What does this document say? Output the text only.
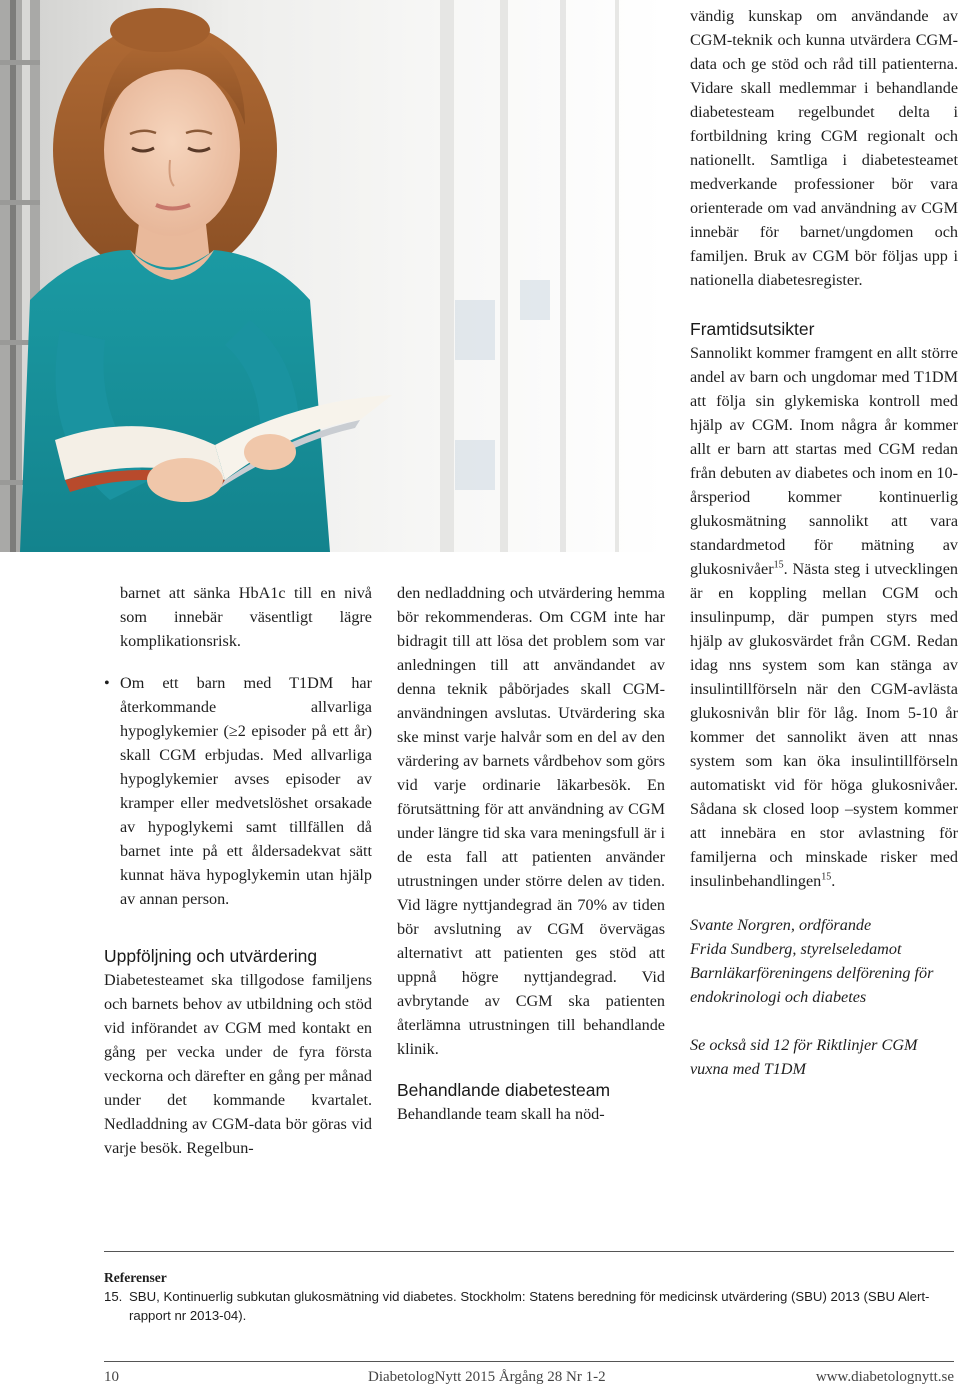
barnet att sänka HbA1c till en nivå som innebär väsentligt lägre komplikationsrisk.

• Om ett barn med T1DM har återkommande allvarliga hypoglykemier (≥2 episoder på ett år) skall CGM erbjudas. Med allvarliga hypoglykemier avses episoder av kramper eller medvetslöshet orsakade av hypoglykemi samt tillfällen då barnet inte på ett åldersadekvat sätt kunnat häva hypoglykemin utan hjälp av annan person.

Uppföljning och utvärdering

Diabetesteamet ska tillgodose familjens och barnets behov av utbildning och stöd vid införandet av CGM med kontakt en gång per vecka under de fyra första veckorna och därefter en gång per månad under det kommande kvartalet. Nedladdning av CGM-data bör göras vid varje besök. Regelbun-

den nedladdning och utvärdering hemma bör rekommenderas. Om CGM inte har bidragit till att lösa det problem som var anledningen till att användandet av denna teknik påbörjades skall CGM-användningen avslutas. Utvärdering ska ske minst varje halvår som en del av den värdering av barnets vårdbehov som görs vid varje ordinarie läkarbesök. En förutsättning för att användning av CGM under längre tid ska vara meningsfull är i de esta fall att patienten använder utrustningen under större delen av tiden. Vid lägre nyttjandegrad än 70% av tiden bör avslutning av CGM övervägas alternativt att patienten ges stöd att uppnå högre nyttjandegrad. Vid avbrytande av CGM ska patienten återlämna utrustningen till behandlande klinik.

Behandlande diabetesteam

Behandlande team skall ha nöd-

vändig kunskap om användande av CGM-teknik och kunna utvärdera CGM-data och ge stöd och råd till patienterna. Vidare skall medlemmar i behandlande diabetesteam regelbundet delta i fortbildning kring CGM regionalt och nationellt. Samtliga i diabetesteamet medverkande professioner bör vara orienterade om vad användning av CGM innebär för barnet/ungdomen och familjen. Bruk av CGM bör följas upp i nationella diabetesregister.

Framtidsutsikter

Sannolikt kommer framgent en allt större andel av barn och ungdomar med T1DM att följa sin glykemiska kontroll med hjälp av CGM. Inom några år kommer allt er barn att startas med CGM redan från debuten av diabetes och inom en 10-årsperiod kommer kontinuerlig glukosmätning sannolikt att vara standardmetod för mätning av glukosnivåer$^{15}$. Nästa steg i utvecklingen är en koppling mellan CGM och insulinpump, där pumpen styrs med hjälp av glukosvärdet från CGM. Redan idag nns system som kan stänga av insulintillförseln när den CGM-avlästa glukosnivån blir för låg. Inom 5-10 år kommer det sannolikt även att nnas system som kan öka insulintillförseln automatiskt vid för höga glukosnivåer. Sådana sk closed loop –system kommer att innebära en stor avlastning för familjerna och minskade risker med insulinbehandlingen$^{15}$.

Svante Norgren, ordförande

Frida Sundberg, styrelseledamot

Barnläkarföreningens delförening för endokrinologi och diabetes

Se också sid 12 för Riktlinjer CGM vuxna med T1DM

Referenser
15. SBU, Kontinuerlig subkutan glukosmätning vid diabetes. Stockholm: Statens beredning för medicinsk utvärdering (SBU) 2013 (SBU Alert-rapport nr 2013-04).
10	DiabetologNytt 2015 Årgång 28 Nr 1-2	www.diabetolognytt.se
